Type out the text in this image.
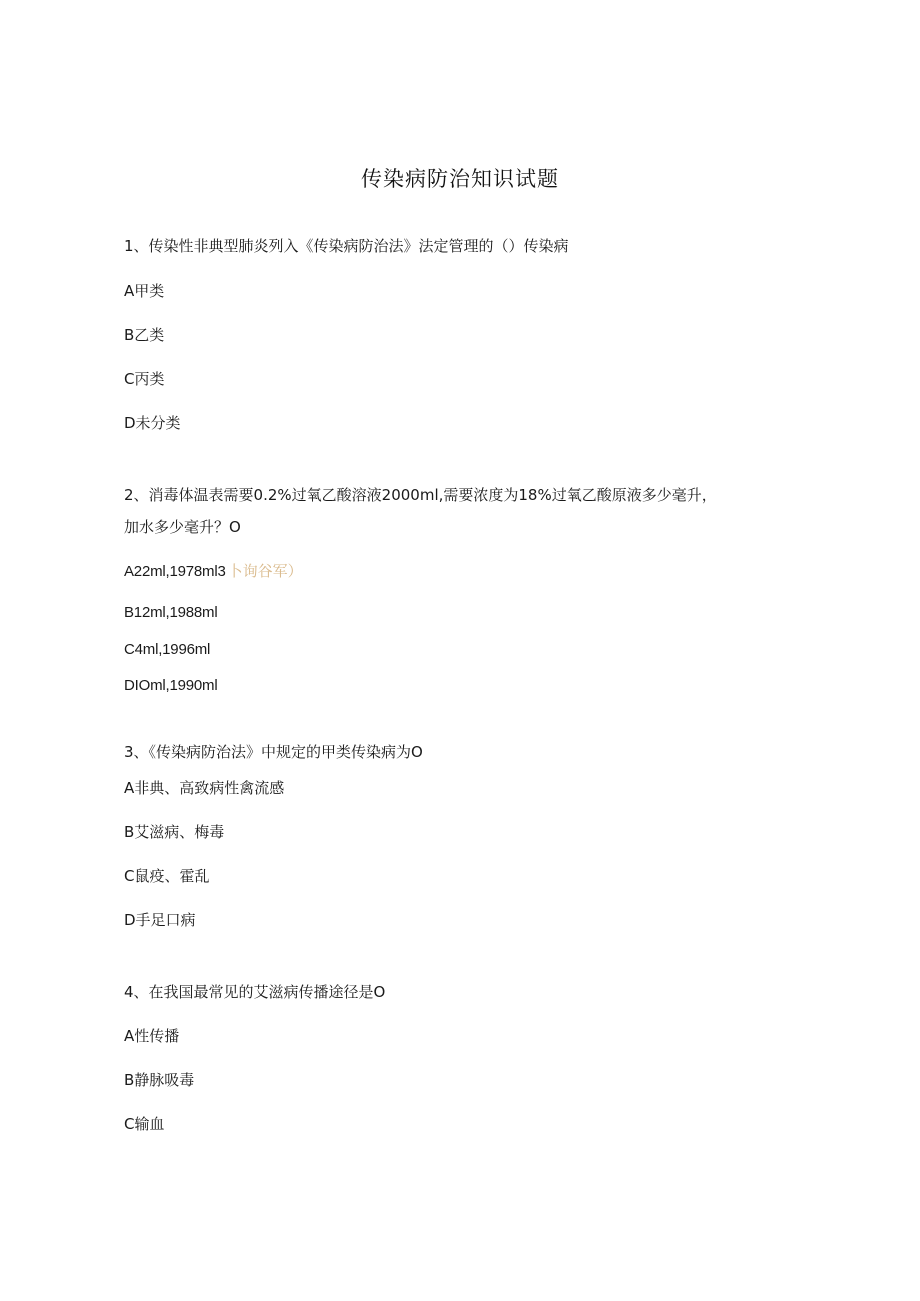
传染病防治知识试题
1、传染性非典型肺炎列入《传染病防治法》法定管理的（）传染病
A甲类
B乙类
C丙类
D未分类
2、消毒体温表需要0.2%过氧乙酸溶液2000ml,需要浓度为18%过氧乙酸原液多少毫升，
加水多少毫升？O
A22ml,1978ml3 卜询谷军）
B12ml,1988ml
C4ml,1996ml
DIOml,1990ml
3、《传染病防治法》中规定的甲类传染病为O
A非典、高致病性禽流感
B艾滋病、梅毒
C鼠疫、霍乱
D手足口病
4、在我国最常见的艾滋病传播途径是O
A性传播
B静脉吸毒
C输血
